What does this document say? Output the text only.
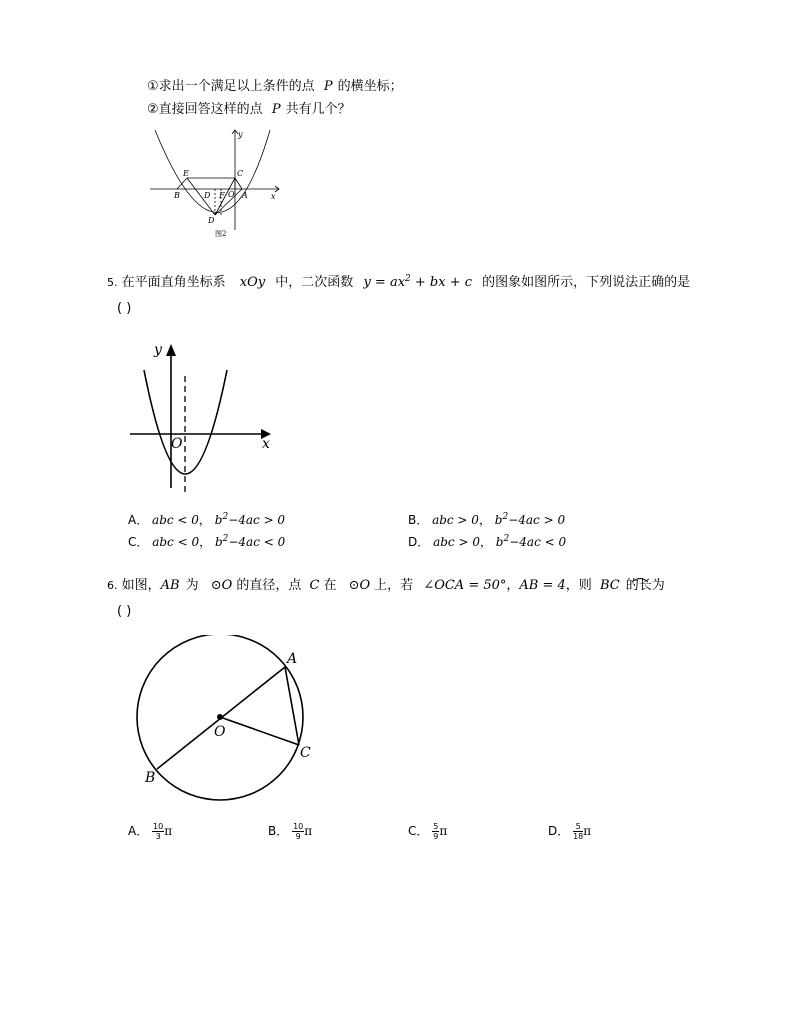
①求出一个满足以上条件的点 P 的横坐标；
②直接回答这样的点 P 共有几个？
y
x
E	C
B	D F O A
D
图2
5. 在平面直角坐标系 xOy 中，二次函数 $y = ax^2$ + bx + c 的图象如图所示，下列说法正确的是
( )
y
x
O
A． abc < 0， $b^2-4ac > 0$	B． abc > 0， $b^2-4ac > 0$
C． abc < 0， $b^2-4ac < 0$	D． abc > 0， $b^2-4ac < 0$
6. 如图，AB 为 ⊙O 的直径，点 C 在 ⊙O 上，若 ∠OCA = 50°，AB = 4，则 BC 的长为
( )
A
B
C
O
A． $\frac{10}{3}$ π	B． $\frac{10}{9}$ π	C． $\frac{5}{9}$ π	D． $\frac{5}{18}$ π
